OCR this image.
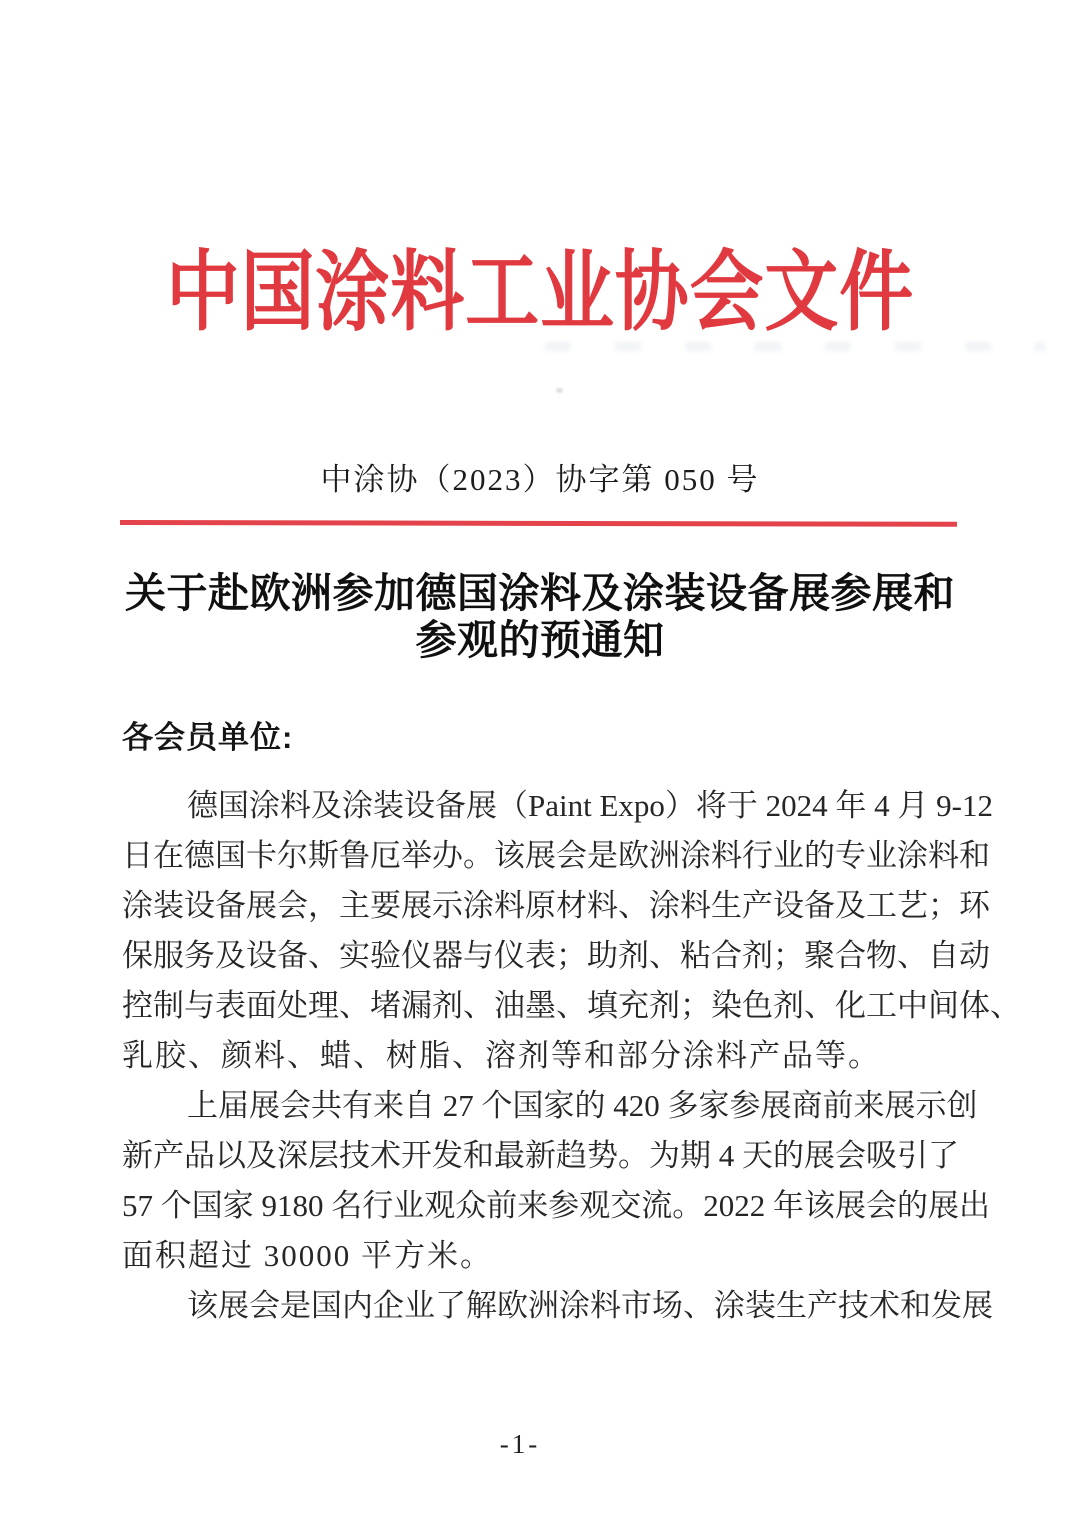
中国涂料工业协会文件
中涂协（2023）协字第 050 号
关于赴欧洲参加德国涂料及涂装设备展参展和
参观的预通知
各会员单位:
德国涂料及涂装设备展（Paint Expo）将于 2024 年 4 月 9-12
日在德国卡尔斯鲁厄举办。该展会是欧洲涂料行业的专业涂料和
涂装设备展会，主要展示涂料原材料、涂料生产设备及工艺；环
保服务及设备、实验仪器与仪表；助剂、粘合剂；聚合物、自动
控制与表面处理、堵漏剂、油墨、填充剂；染色剂、化工中间体、
乳胶、颜料、蜡、树脂、溶剂等和部分涂料产品等。
上届展会共有来自 27 个国家的 420 多家参展商前来展示创
新产品以及深层技术开发和最新趋势。为期 4 天的展会吸引了
57 个国家 9180 名行业观众前来参观交流。2022 年该展会的展出
面积超过 30000 平方米。
该展会是国内企业了解欧洲涂料市场、涂装生产技术和发展
-1-
